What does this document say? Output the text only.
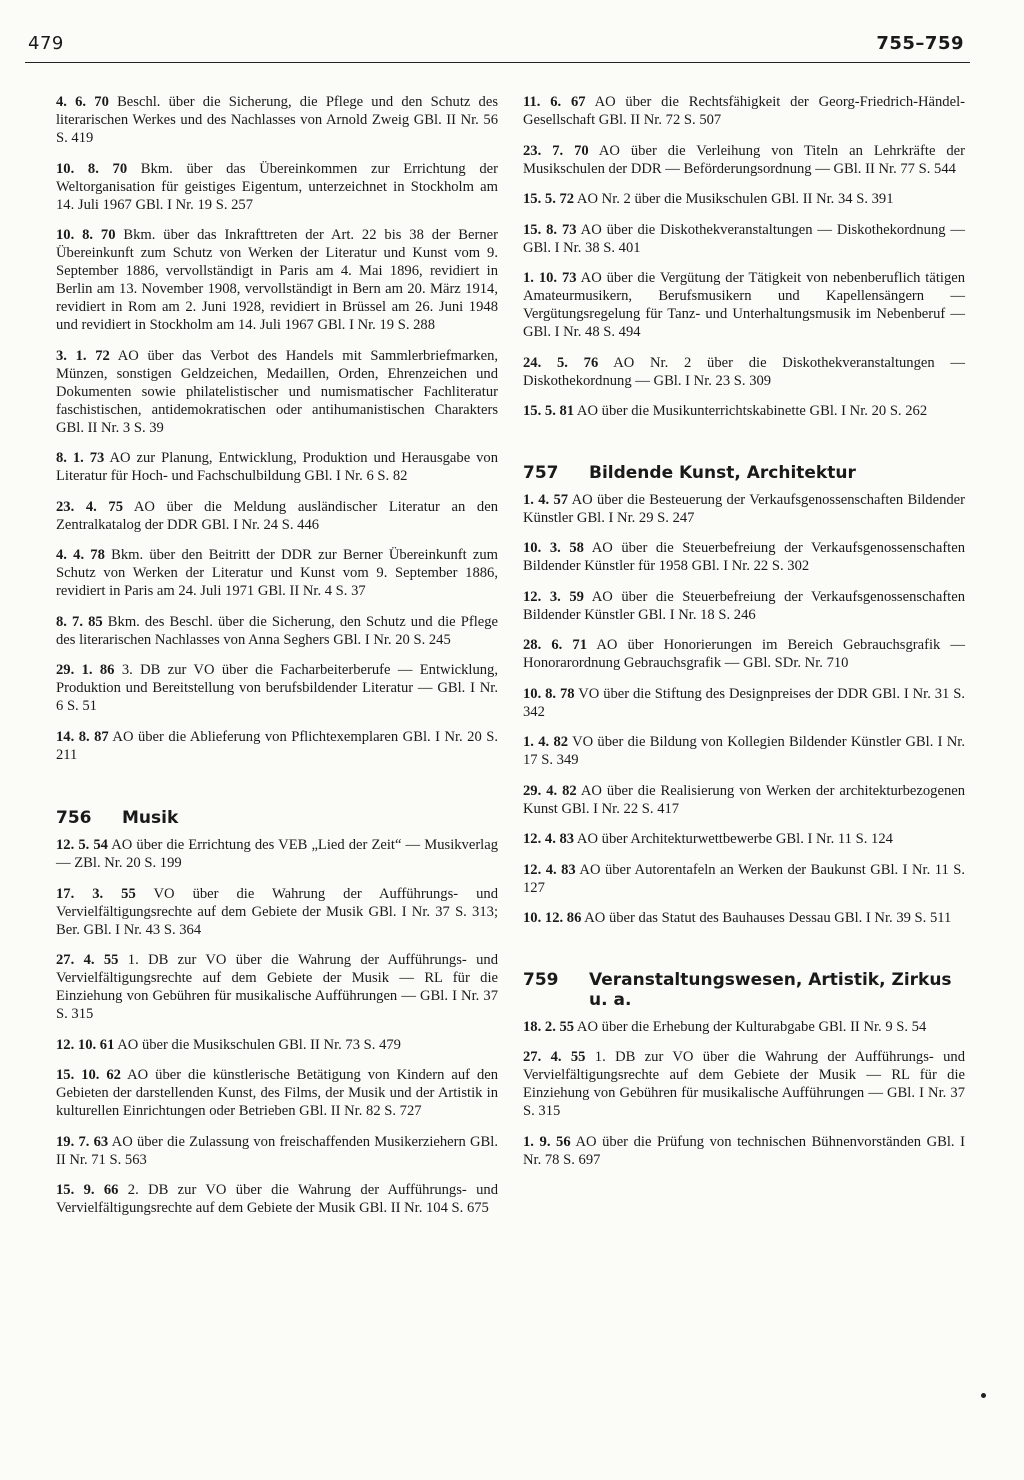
479	755–759

4. 6. 70 Beschl. über die Sicherung, die Pflege und den Schutz des literarischen Werkes und des Nachlasses von Arnold Zweig GBl. II Nr. 56 S. 419

10. 8. 70 Bkm. über das Übereinkommen zur Errichtung der Weltorganisation für geistiges Eigentum, unterzeichnet in Stockholm am 14. Juli 1967 GBl. I Nr. 19 S. 257

10. 8. 70 Bkm. über das Inkrafttreten der Art. 22 bis 38 der Berner Übereinkunft zum Schutz von Werken der Literatur und Kunst vom 9. September 1886, vervollständigt in Paris am 4. Mai 1896, revidiert in Berlin am 13. November 1908, vervollständigt in Bern am 20. März 1914, revidiert in Rom am 2. Juni 1928, revidiert in Brüssel am 26. Juni 1948 und revidiert in Stockholm am 14. Juli 1967 GBl. I Nr. 19 S. 288

3. 1. 72 AO über das Verbot des Handels mit Sammlerbriefmarken, Münzen, sonstigen Geldzeichen, Medaillen, Orden, Ehrenzeichen und Dokumenten sowie philatelistischer und numismatischer Fachliteratur faschistischen, antidemokratischen oder antihumanistischen Charakters GBl. II Nr. 3 S. 39

8. 1. 73 AO zur Planung, Entwicklung, Produktion und Herausgabe von Literatur für Hoch- und Fachschulbildung GBl. I Nr. 6 S. 82

23. 4. 75 AO über die Meldung ausländischer Literatur an den Zentralkatalog der DDR GBl. I Nr. 24 S. 446

4. 4. 78 Bkm. über den Beitritt der DDR zur Berner Übereinkunft zum Schutz von Werken der Literatur und Kunst vom 9. September 1886, revidiert in Paris am 24. Juli 1971 GBl. II Nr. 4 S. 37

8. 7. 85 Bkm. des Beschl. über die Sicherung, den Schutz und die Pflege des literarischen Nachlasses von Anna Seghers GBl. I Nr. 20 S. 245

29. 1. 86 3. DB zur VO über die Facharbeiterberufe — Entwicklung, Produktion und Bereitstellung von berufsbildender Literatur — GBl. I Nr. 6 S. 51

14. 8. 87 AO über die Ablieferung von Pflichtexemplaren GBl. I Nr. 20 S. 211

756 Musik

12. 5. 54 AO über die Errichtung des VEB „Lied der Zeit“ — Musikverlag — ZBl. Nr. 20 S. 199

17. 3. 55 VO über die Wahrung der Aufführungs- und Vervielfältigungsrechte auf dem Gebiete der Musik GBl. I Nr. 37 S. 313; Ber. GBl. I Nr. 43 S. 364

27. 4. 55 1. DB zur VO über die Wahrung der Aufführungs- und Vervielfältigungsrechte auf dem Gebiete der Musik — RL für die Einziehung von Gebühren für musikalische Aufführungen — GBl. I Nr. 37 S. 315

12. 10. 61 AO über die Musikschulen GBl. II Nr. 73 S. 479

15. 10. 62 AO über die künstlerische Betätigung von Kindern auf den Gebieten der darstellenden Kunst, des Films, der Musik und der Artistik in kulturellen Einrichtungen oder Betrieben GBl. II Nr. 82 S. 727

19. 7. 63 AO über die Zulassung von freischaffenden Musikerziehern GBl. II Nr. 71 S. 563

15. 9. 66 2. DB zur VO über die Wahrung der Aufführungs- und Vervielfältigungsrechte auf dem Gebiete der Musik GBl. II Nr. 104 S. 675

11. 6. 67 AO über die Rechtsfähigkeit der Georg-Friedrich-Händel-Gesellschaft GBl. II Nr. 72 S. 507

23. 7. 70 AO über die Verleihung von Titeln an Lehrkräfte der Musikschulen der DDR — Beförderungsordnung — GBl. II Nr. 77 S. 544

15. 5. 72 AO Nr. 2 über die Musikschulen GBl. II Nr. 34 S. 391

15. 8. 73 AO über die Diskothekveranstaltungen — Diskothekordnung — GBl. I Nr. 38 S. 401

1. 10. 73 AO über die Vergütung der Tätigkeit von nebenberuflich tätigen Amateurmusikern, Berufsmusikern und Kapellensängern — Vergütungsregelung für Tanz- und Unterhaltungsmusik im Nebenberuf — GBl. I Nr. 48 S. 494

24. 5. 76 AO Nr. 2 über die Diskothekveranstaltungen — Diskothekordnung — GBl. I Nr. 23 S. 309

15. 5. 81 AO über die Musikunterrichtskabinette GBl. I Nr. 20 S. 262

757 Bildende Kunst, Architektur

1. 4. 57 AO über die Besteuerung der Verkaufsgenossenschaften Bildender Künstler GBl. I Nr. 29 S. 247

10. 3. 58 AO über die Steuerbefreiung der Verkaufsgenossenschaften Bildender Künstler für 1958 GBl. I Nr. 22 S. 302

12. 3. 59 AO über die Steuerbefreiung der Verkaufsgenossenschaften Bildender Künstler GBl. I Nr. 18 S. 246

28. 6. 71 AO über Honorierungen im Bereich Gebrauchsgrafik — Honorarordnung Gebrauchsgrafik — GBl. SDr. Nr. 710

10. 8. 78 VO über die Stiftung des Designpreises der DDR GBl. I Nr. 31 S. 342

1. 4. 82 VO über die Bildung von Kollegien Bildender Künstler GBl. I Nr. 17 S. 349

29. 4. 82 AO über die Realisierung von Werken der architekturbezogenen Kunst GBl. I Nr. 22 S. 417

12. 4. 83 AO über Architekturwettbewerbe GBl. I Nr. 11 S. 124

12. 4. 83 AO über Autorentafeln an Werken der Baukunst GBl. I Nr. 11 S. 127

10. 12. 86 AO über das Statut des Bauhauses Dessau GBl. I Nr. 39 S. 511

759 Veranstaltungswesen, Artistik, Zirkus u. a.

18. 2. 55 AO über die Erhebung der Kulturabgabe GBl. II Nr. 9 S. 54

27. 4. 55 1. DB zur VO über die Wahrung der Aufführungs- und Vervielfältigungsrechte auf dem Gebiete der Musik — RL für die Einziehung von Gebühren für musikalische Aufführungen — GBl. I Nr. 37 S. 315

1. 9. 56 AO über die Prüfung von technischen Bühnenvorständen GBl. I Nr. 78 S. 697
